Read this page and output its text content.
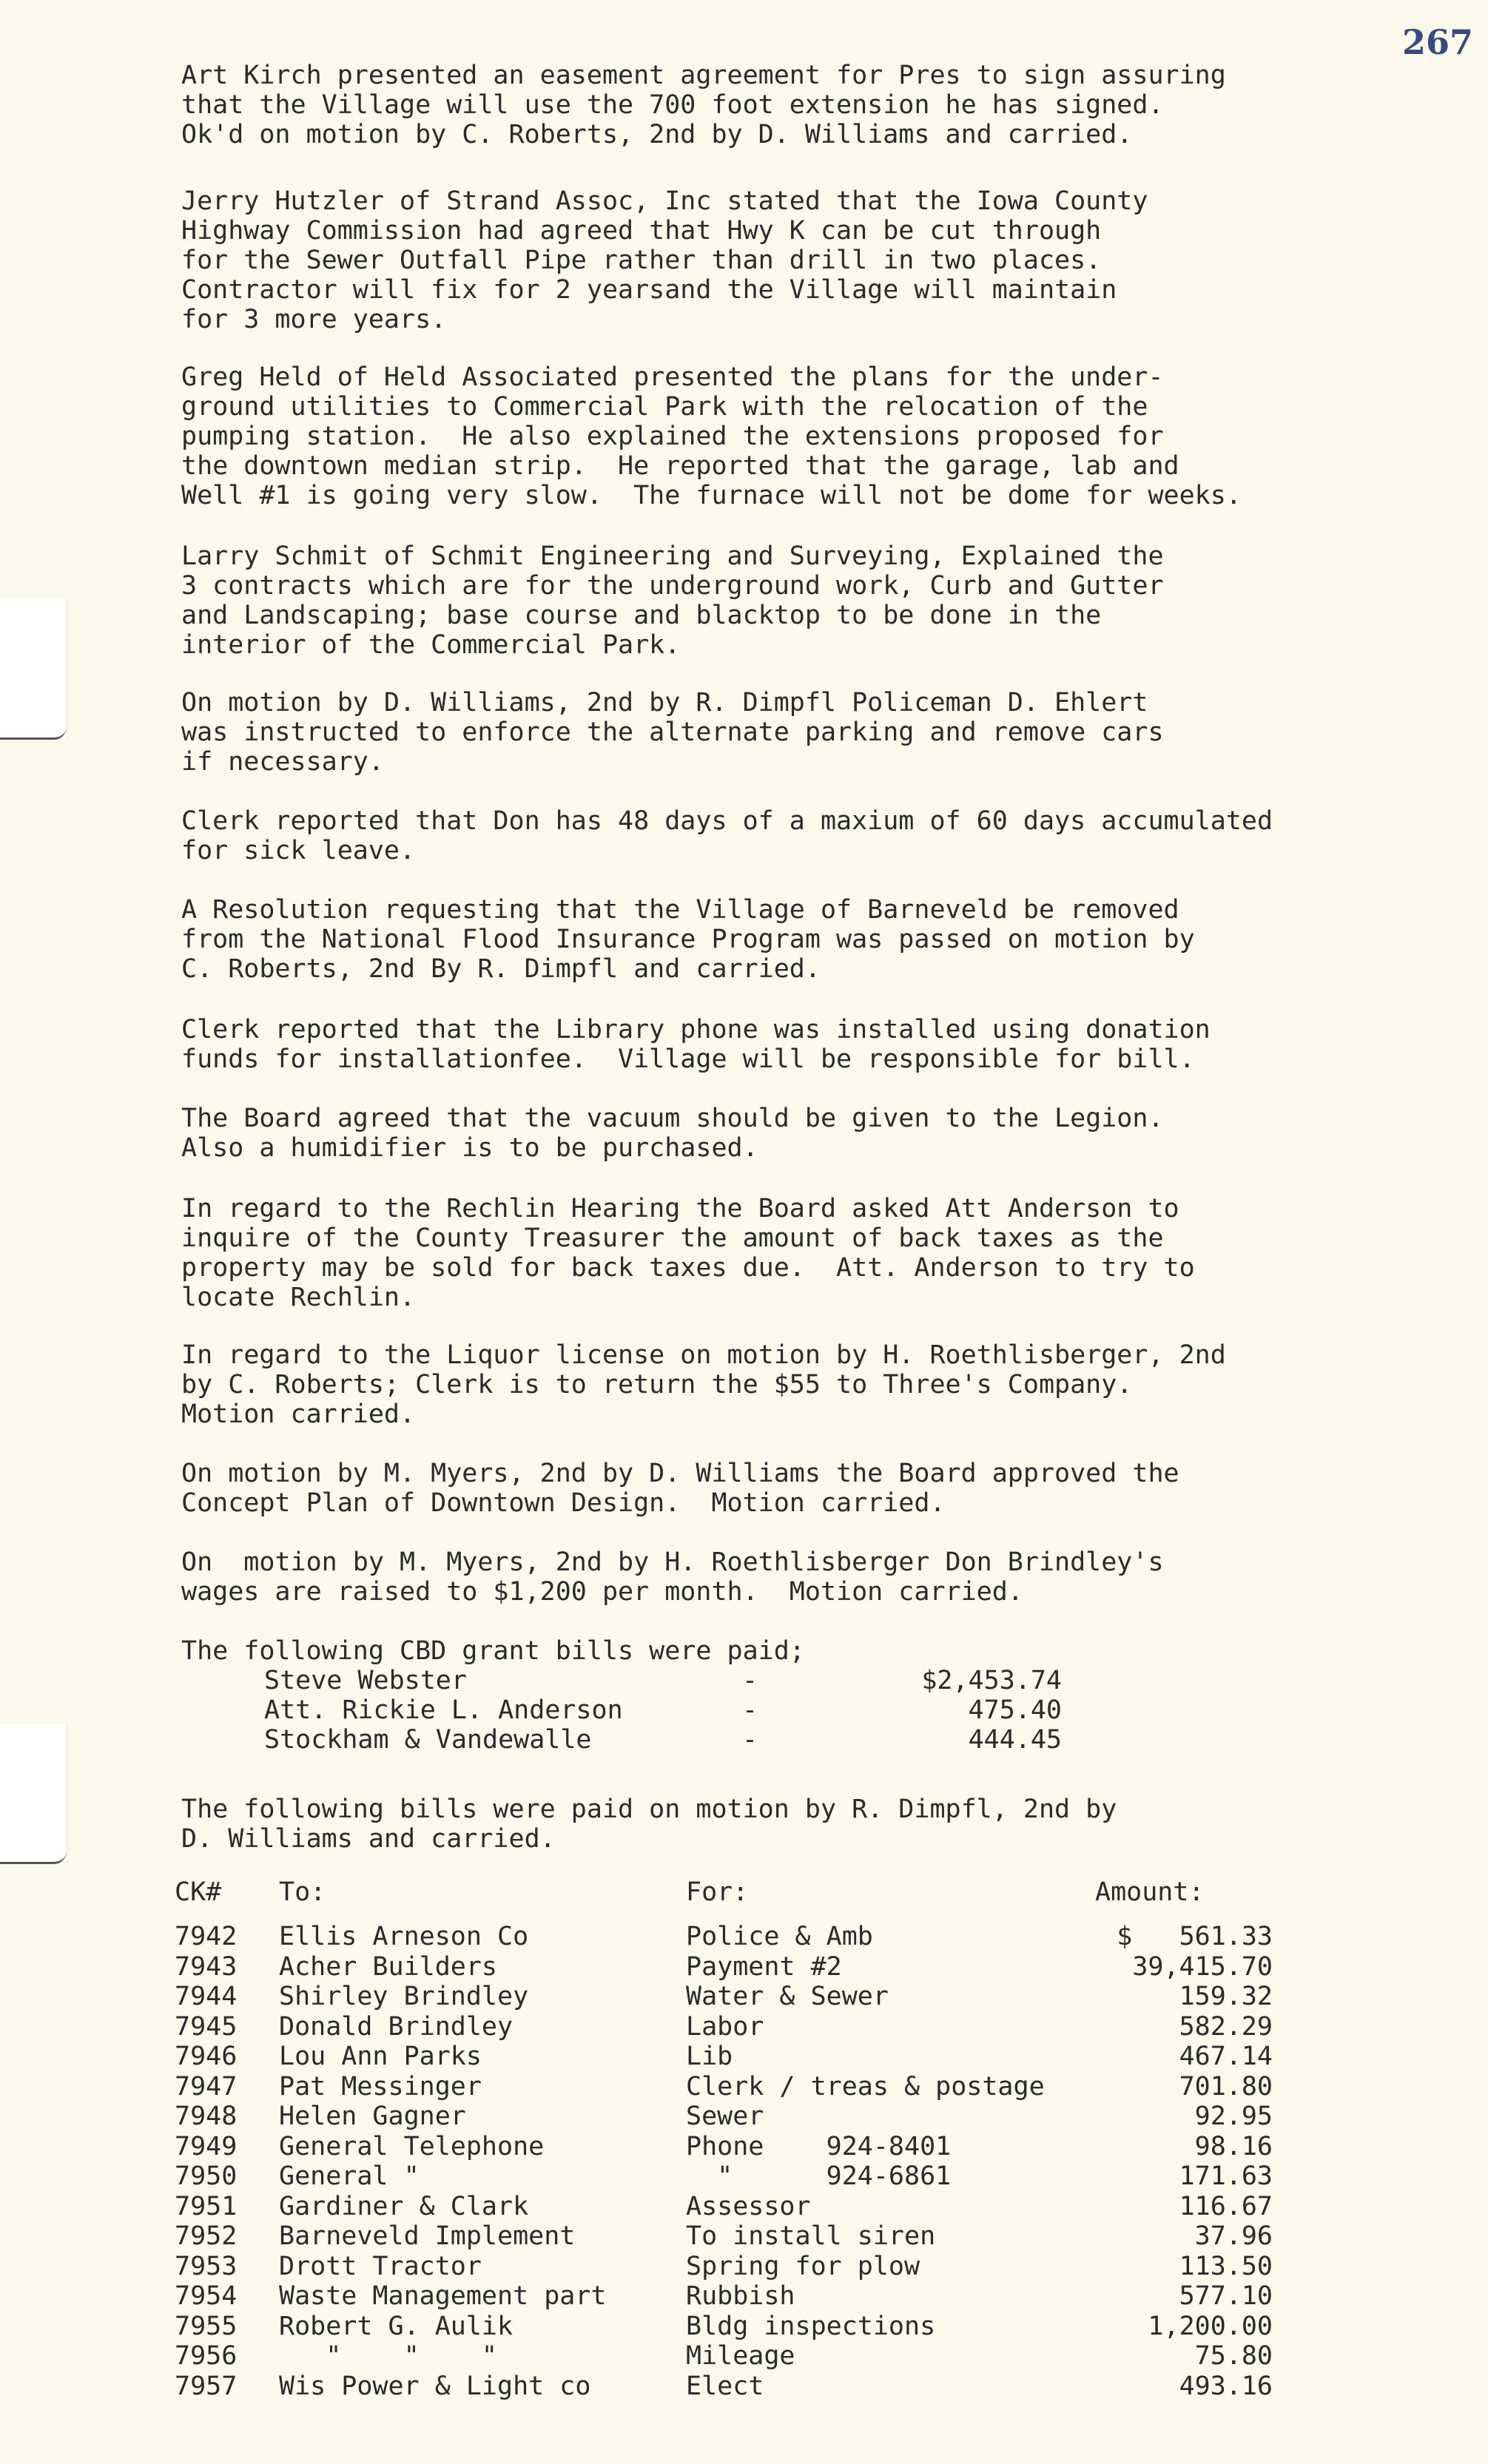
267
Art Kirch presented an easement agreement for Pres to sign assuring
that the Village will use the 700 foot extension he has signed.
Ok'd on motion by C. Roberts, 2nd by D. Williams and carried.
Jerry Hutzler of Strand Assoc, Inc stated that the Iowa County
Highway Commission had agreed that Hwy K can be cut through
for the Sewer Outfall Pipe rather than drill in two places.
Contractor will fix for 2 yearsand the Village will maintain
for 3 more years.
Greg Held of Held Associated presented the plans for the under-
ground utilities to Commercial Park with the relocation of the
pumping station.  He also explained the extensions proposed for
the downtown median strip.  He reported that the garage, lab and
Well #1 is going very slow.  The furnace will not be dome for weeks.
Larry Schmit of Schmit Engineering and Surveying, Explained the
3 contracts which are for the underground work, Curb and Gutter
and Landscaping; base course and blacktop to be done in the
interior of the Commercial Park.
On motion by D. Williams, 2nd by R. Dimpfl Policeman D. Ehlert
was instructed to enforce the alternate parking and remove cars
if necessary.
Clerk reported that Don has 48 days of a maxium of 60 days accumulated
for sick leave.
A Resolution requesting that the Village of Barneveld be removed
from the National Flood Insurance Program was passed on motion by
C. Roberts, 2nd By R. Dimpfl and carried.
Clerk reported that the Library phone was installed using donation
funds for installationfee.  Village will be responsible for bill.
The Board agreed that the vacuum should be given to the Legion.
Also a humidifier is to be purchased.
In regard to the Rechlin Hearing the Board asked Att Anderson to
inquire of the County Treasurer the amount of back taxes as the
property may be sold for back taxes due.  Att. Anderson to try to
locate Rechlin.
In regard to the Liquor license on motion by H. Roethlisberger, 2nd
by C. Roberts; Clerk is to return the $55 to Three's Company.
Motion carried.
On motion by M. Myers, 2nd by D. Williams the Board approved the
Concept Plan of Downtown Design.  Motion carried.
On  motion by M. Myers, 2nd by H. Roethlisberger Don Brindley's
wages are raised to $1,200 per month.  Motion carried.
The following CBD grant bills were paid;
The following bills were paid on motion by R. Dimpfl, 2nd by
D. Williams and carried.
Steve Webster	-	$2,453.74
Att. Rickie L. Anderson	-	475.40
Stockham & Vandewalle	-	444.45
CK# To:	For:	Amount:
7942 Ellis Arneson Co	Police & Amb	$   561.33
7943 Acher Builders	Payment #2	39,415.70
7944 Shirley Brindley	Water & Sewer	159.32
7945 Donald Brindley	Labor	582.29
7946 Lou Ann Parks	Lib	467.14
7947 Pat Messinger	Clerk / treas & postage	701.80
7948 Helen Gagner	Sewer	92.95
7949 General Telephone	Phone    924-8401	98.16
7950 General "	"      924-6861	171.63
7951 Gardiner & Clark	Assessor	116.67
7952 Barneveld Implement	To install siren	37.96
7953 Drott Tractor	Spring for plow	113.50
7954 Waste Management part	Rubbish	577.10
7955 Robert G. Aulik	Bldg inspections	1,200.00
7956 "    "    "	Mileage	75.80
7957 Wis Power & Light co	Elect	493.16
